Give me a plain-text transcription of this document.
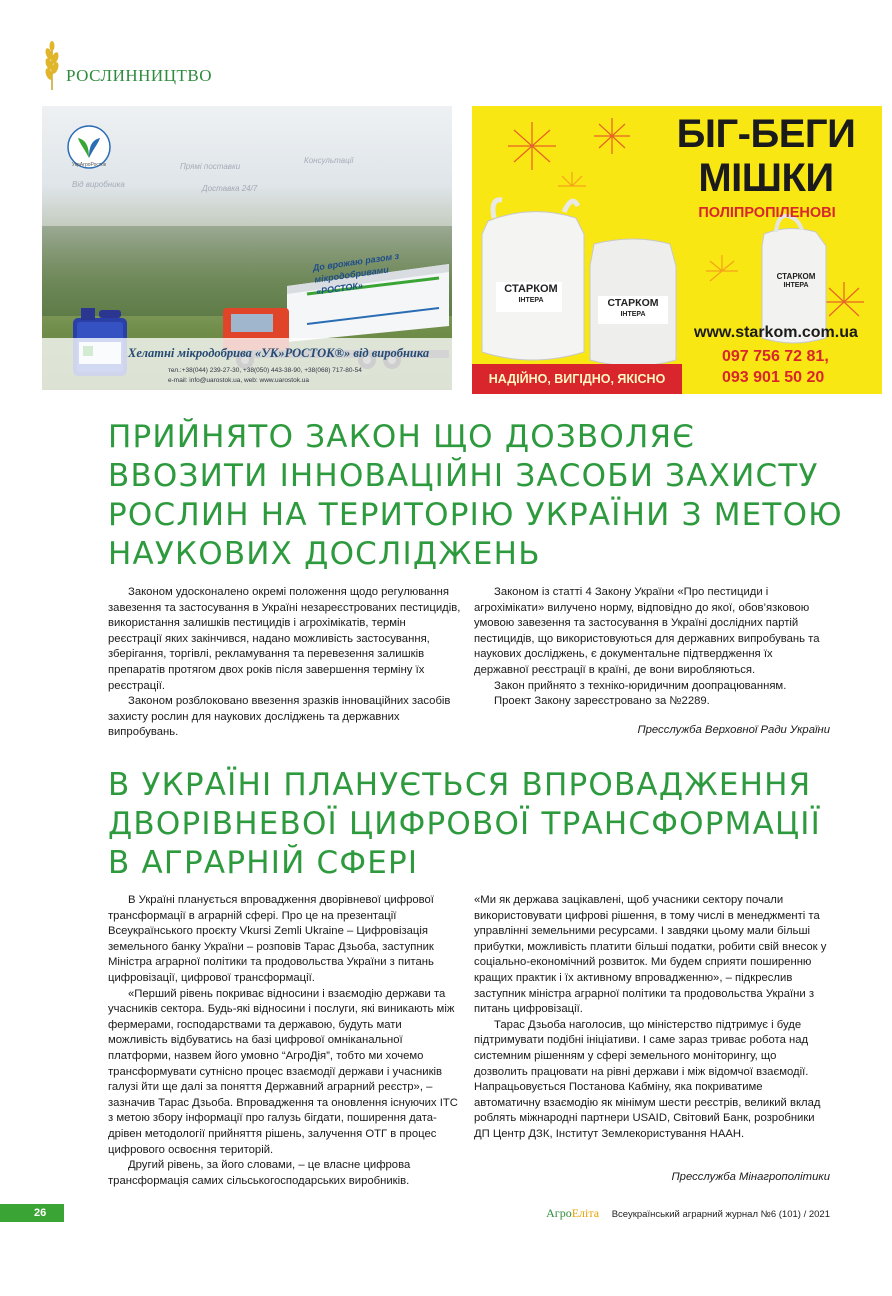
РОСЛИННИЦТВО
УкрАгроРосток	Прямі поставки
Доставка 24/7
Від виробника
Консультації
До врожаю разом з мікродобривами «РОСТОК»
Хелатні мікродобрива «УК»РОСТОК®» від виробника
тел.:+38(044) 239-27-30, +38(050) 443-38-90, +38(068) 717-80-54
e-mail: info@uarostok.ua, web: www.uarostok.ua
БІГ-БЕГИ
МІШКИ
ПОЛІПРОПІЛЕНОВІ
СТАРКОМ
ІНТЕРА	СТАРКОМ
ІНТЕРА
СТАРКОМ
ІНТЕРА
www.starkom.com.ua
097 756 72 81,
093 901 50 20
НАДІЙНО, ВИГІДНО, ЯКІСНО
ПРИЙНЯТО ЗАКОН ЩО ДОЗВОЛЯЄ ВВОЗИТИ ІННОВАЦІЙНІ ЗАСОБИ ЗАХИСТУ РОСЛИН НА ТЕРИТОРІЮ УКРАЇНИ З МЕТОЮ НАУКОВИХ ДОСЛІДЖЕНЬ

Законом удосконалено окремі положення щодо регулювання завезення та застосування в Україні незареєстрованих пестицидів, використання залишків пестицидів і агрохімікатів, термін реєстрації яких закінчився, надано можливість застосування, зберігання, торгівлі, рекламування та перевезення залишків препаратів протягом двох років після завершення терміну їх реєстрації.

Законом розблоковано ввезення зразків інноваційних засобів захисту рослин для наукових досліджень та державних випробувань.

Законом із статті 4 Закону України «Про пестициди і агрохімікати» вилучено норму, відповідно до якої, обов’язковою умовою завезення та застосування в Україні дослідних партій пестицидів, що використовуються для державних випробувань та наукових досліджень, є документальне підтвердження їх державної реєстрації в країні, де вони виробляються.

Закон прийнято з техніко-юридичним доопрацюванням.

Проект Закону зареєстровано за №2289.

Пресслужба Верховної Ради України
В УКРАЇНІ ПЛАНУЄТЬСЯ ВПРОВАДЖЕННЯ ДВОРІВНЕВОЇ ЦИФРОВОЇ ТРАНСФОРМАЦІЇ В АГРАРНІЙ СФЕРІ

В Україні планується впровадження дворівневої цифрової трансформації в аграрній сфері. Про це на презентації Всеукраїнського проєкту Vkursi Zemli Ukraine – Цифровізація земельного банку України – розповів Тарас Дзьоба, заступник Міністра аграрної політики та продовольства України з питань цифровізації, цифрової трансформації.

«Перший рівень покриває відносини і взаємодію держави та учасників сектора. Будь-які відносини і послуги, які виникають між фермерами, господарствами та державою, будуть мати можливість відбуватись на базі цифрової омніканальної платформи, назвем його умовно “АгроДія”, тобто ми хочемо трансформувати сутнісно процес взаємодії держави і учасників галузі йти ще далі за поняття Державний аграрний реєстр», – зазначив Тарас Дзьоба. Впровадження та оновлення існуючих ІТС з метою збору інформації про галузь бігдати, поширення дата-дрівен методології прийняття рішень, залучення ОТГ в процес цифрового освоєння територій.

Другий рівень, за його словами, – це власне цифрова трансформація самих сільськогосподарських виробників.

«Ми як держава зацікавлені, щоб учасники сектору почали використовувати цифрові рішення, в тому числі в менеджменті та управлінні земельними ресурсами. І завдяки цьому мали більші прибутки, можливість платити більші податки, робити свій внесок у соціально-економічний розвиток. Ми будем сприяти поширенню кращих практик і їх активному впровадженню», – підкреслив заступник міністра аграрної політики та продовольства України з питань цифровізації.

Тарас Дзьоба наголосив, що міністерство підтримує і буде підтримувати подібні ініціативи. І саме зараз триває робота над системним рішенням у сфері земельного моніторингу, що дозволить працювати на рівні держави і між відомчої взаємодії. Напрацьовується Постанова Кабміну, яка покриватиме автоматичну взаємодію як мінімум шести реєстрів, великий вклад роблять міжнародні партнери USAID, Світовий Банк, розробники ДП Центр ДЗК, Інститут Землекористування НААН.

Пресслужба Мінагрополітики
26	АгроЕліта Всеукраїнський аграрний журнал №6 (101) / 2021
